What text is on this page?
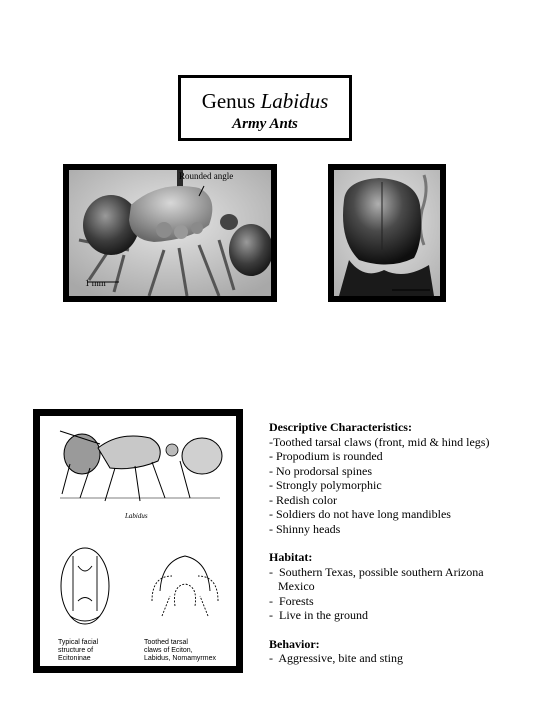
Genus Labidus
Army Ants
Rounded angle
1 mm
Labidus
Typical facial
structure of
Ecitoninae
Toothed tarsal
claws of Eciton,
Labidus, Nomamyrmex
Descriptive Characteristics:
-Toothed tarsal claws (front, mid & hind legs)
- Propodium is rounded
- No prodorsal spines
- Strongly polymorphic
- Redish color
- Soldiers do not have long mandibles
- Shinny heads
Habitat:
-  Southern Texas, possible southern Arizona
Mexico
-  Forests
-  Live in the ground
Behavior:
-  Aggressive, bite and sting
